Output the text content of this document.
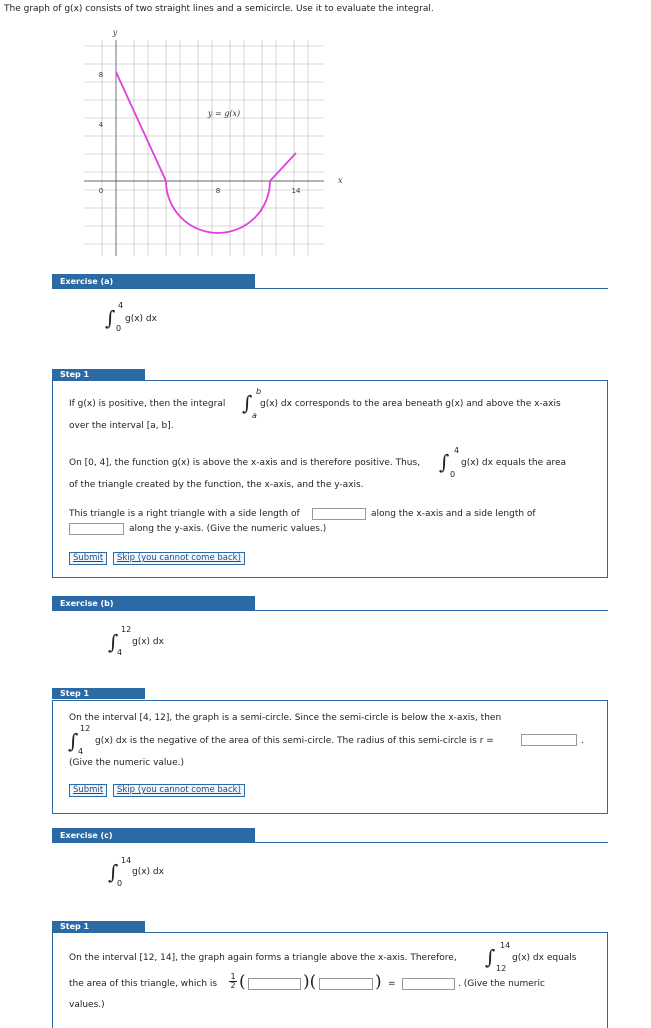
The graph of g(x) consists of two straight lines and a semicircle. Use it to evaluate the integral.
y
x
8
4
0	8	14
y = g(x)
Exercise (a)
∫
4
0
g(x) dx
Step 1
If g(x) is positive, then the integral ∫ b
a
g(x) dx corresponds to the area beneath g(x) and above the x-axis
over the interval [a, b].
On [0, 4], the function g(x) is above the x-axis and is therefore positive. Thus, ∫ 4
0
g(x) dx equals the area
of the triangle created by the function, the x-axis, and the y-axis.
This triangle is a right triangle with a side length of	along the x-axis and a side length of
along the y-axis. (Give the numeric values.)
Submit	Skip (you cannot come back)
Exercise (b)
∫
12
4
g(x) dx
Step 1
On the interval [4, 12], the graph is a semi-circle. Since the semi-circle is below the x-axis, then
∫
12
4
g(x) dx is the negative of the area of this semi-circle. The radius of this semi-circle is r =	.
(Give the numeric value.)
Submit	Skip (you cannot come back)
Exercise (c)
∫ 14
0
g(x) dx
Step 1
On the interval [12, 14], the graph again forms a triangle above the x-axis. Therefore, ∫ 14
12
g(x) dx equals
the area of this triangle, which is $\frac{1}{2}$ (	)(	) =	. (Give the numeric
values.)
